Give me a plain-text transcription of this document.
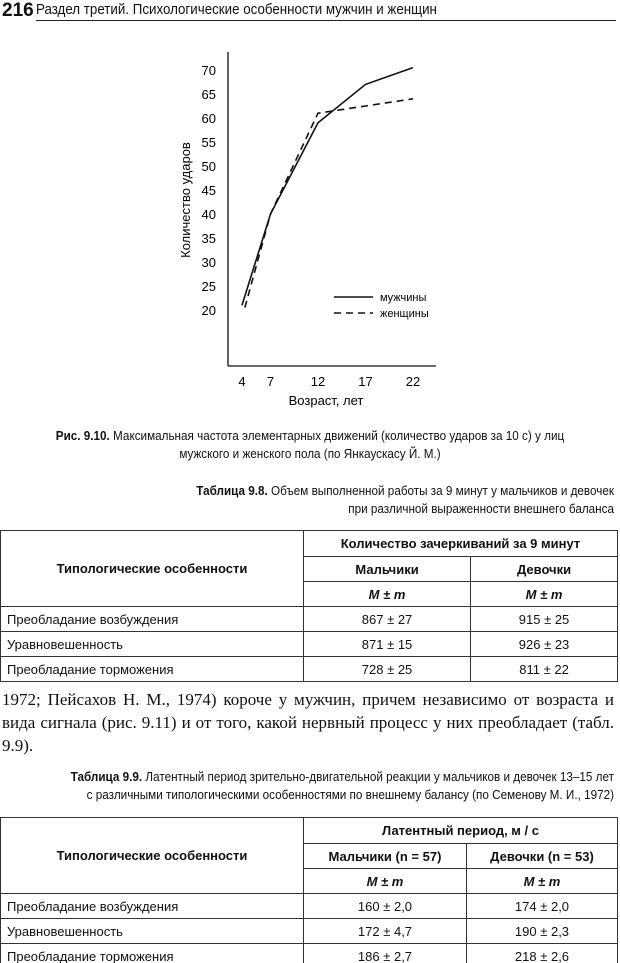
216 Раздел третий. Психологические особенности мужчин и женщин
20
25
30
35
40
45
50
55
60
65
70
4 7	12	17	22
Возраст, лет
Количество ударов
мужчины
женщины
Рис. 9.10. Максимальная частота элементарных движений (количество ударов за 10 с) у лиц мужского и женского пола (по Янкаускасу Й. М.)
Таблица 9.8. Объем выполненной работы за 9 минут у мальчиков и девочек
при различной выраженности внешнего баланса
Типологические особенности	Количество зачеркиваний за 9 минут	
	Мальчики	Девочки
	M ± m	M ± m
Преобладание возбуждения	867 ± 27	915 ± 25
Уравновешенность	871 ± 15	926 ± 23
Преобладание торможения	728 ± 25	811 ± 22
1972; Пейсахов Н. М., 1974) короче у мужчин, причем независимо от возраста и вида сигнала (рис. 9.11) и от того, какой нервный процесс у них преобладает (табл. 9.9).
Таблица 9.9. Латентный период зрительно-двигательной реакции у мальчиков и девочек 13–15 лет
с различными типологическими особенностями по внешнему балансу (по Семенову М. И., 1972)
Типологические особенности	Латентный период, м / с	
	Мальчики (n = 57)	Девочки (n = 53)
	M ± m	M ± m
Преобладание возбуждения	160 ± 2,0	174 ± 2,0
Уравновешенность	172 ± 4,7	190 ± 2,3
Преобладание торможения	186 ± 2,7	218 ± 2,6
